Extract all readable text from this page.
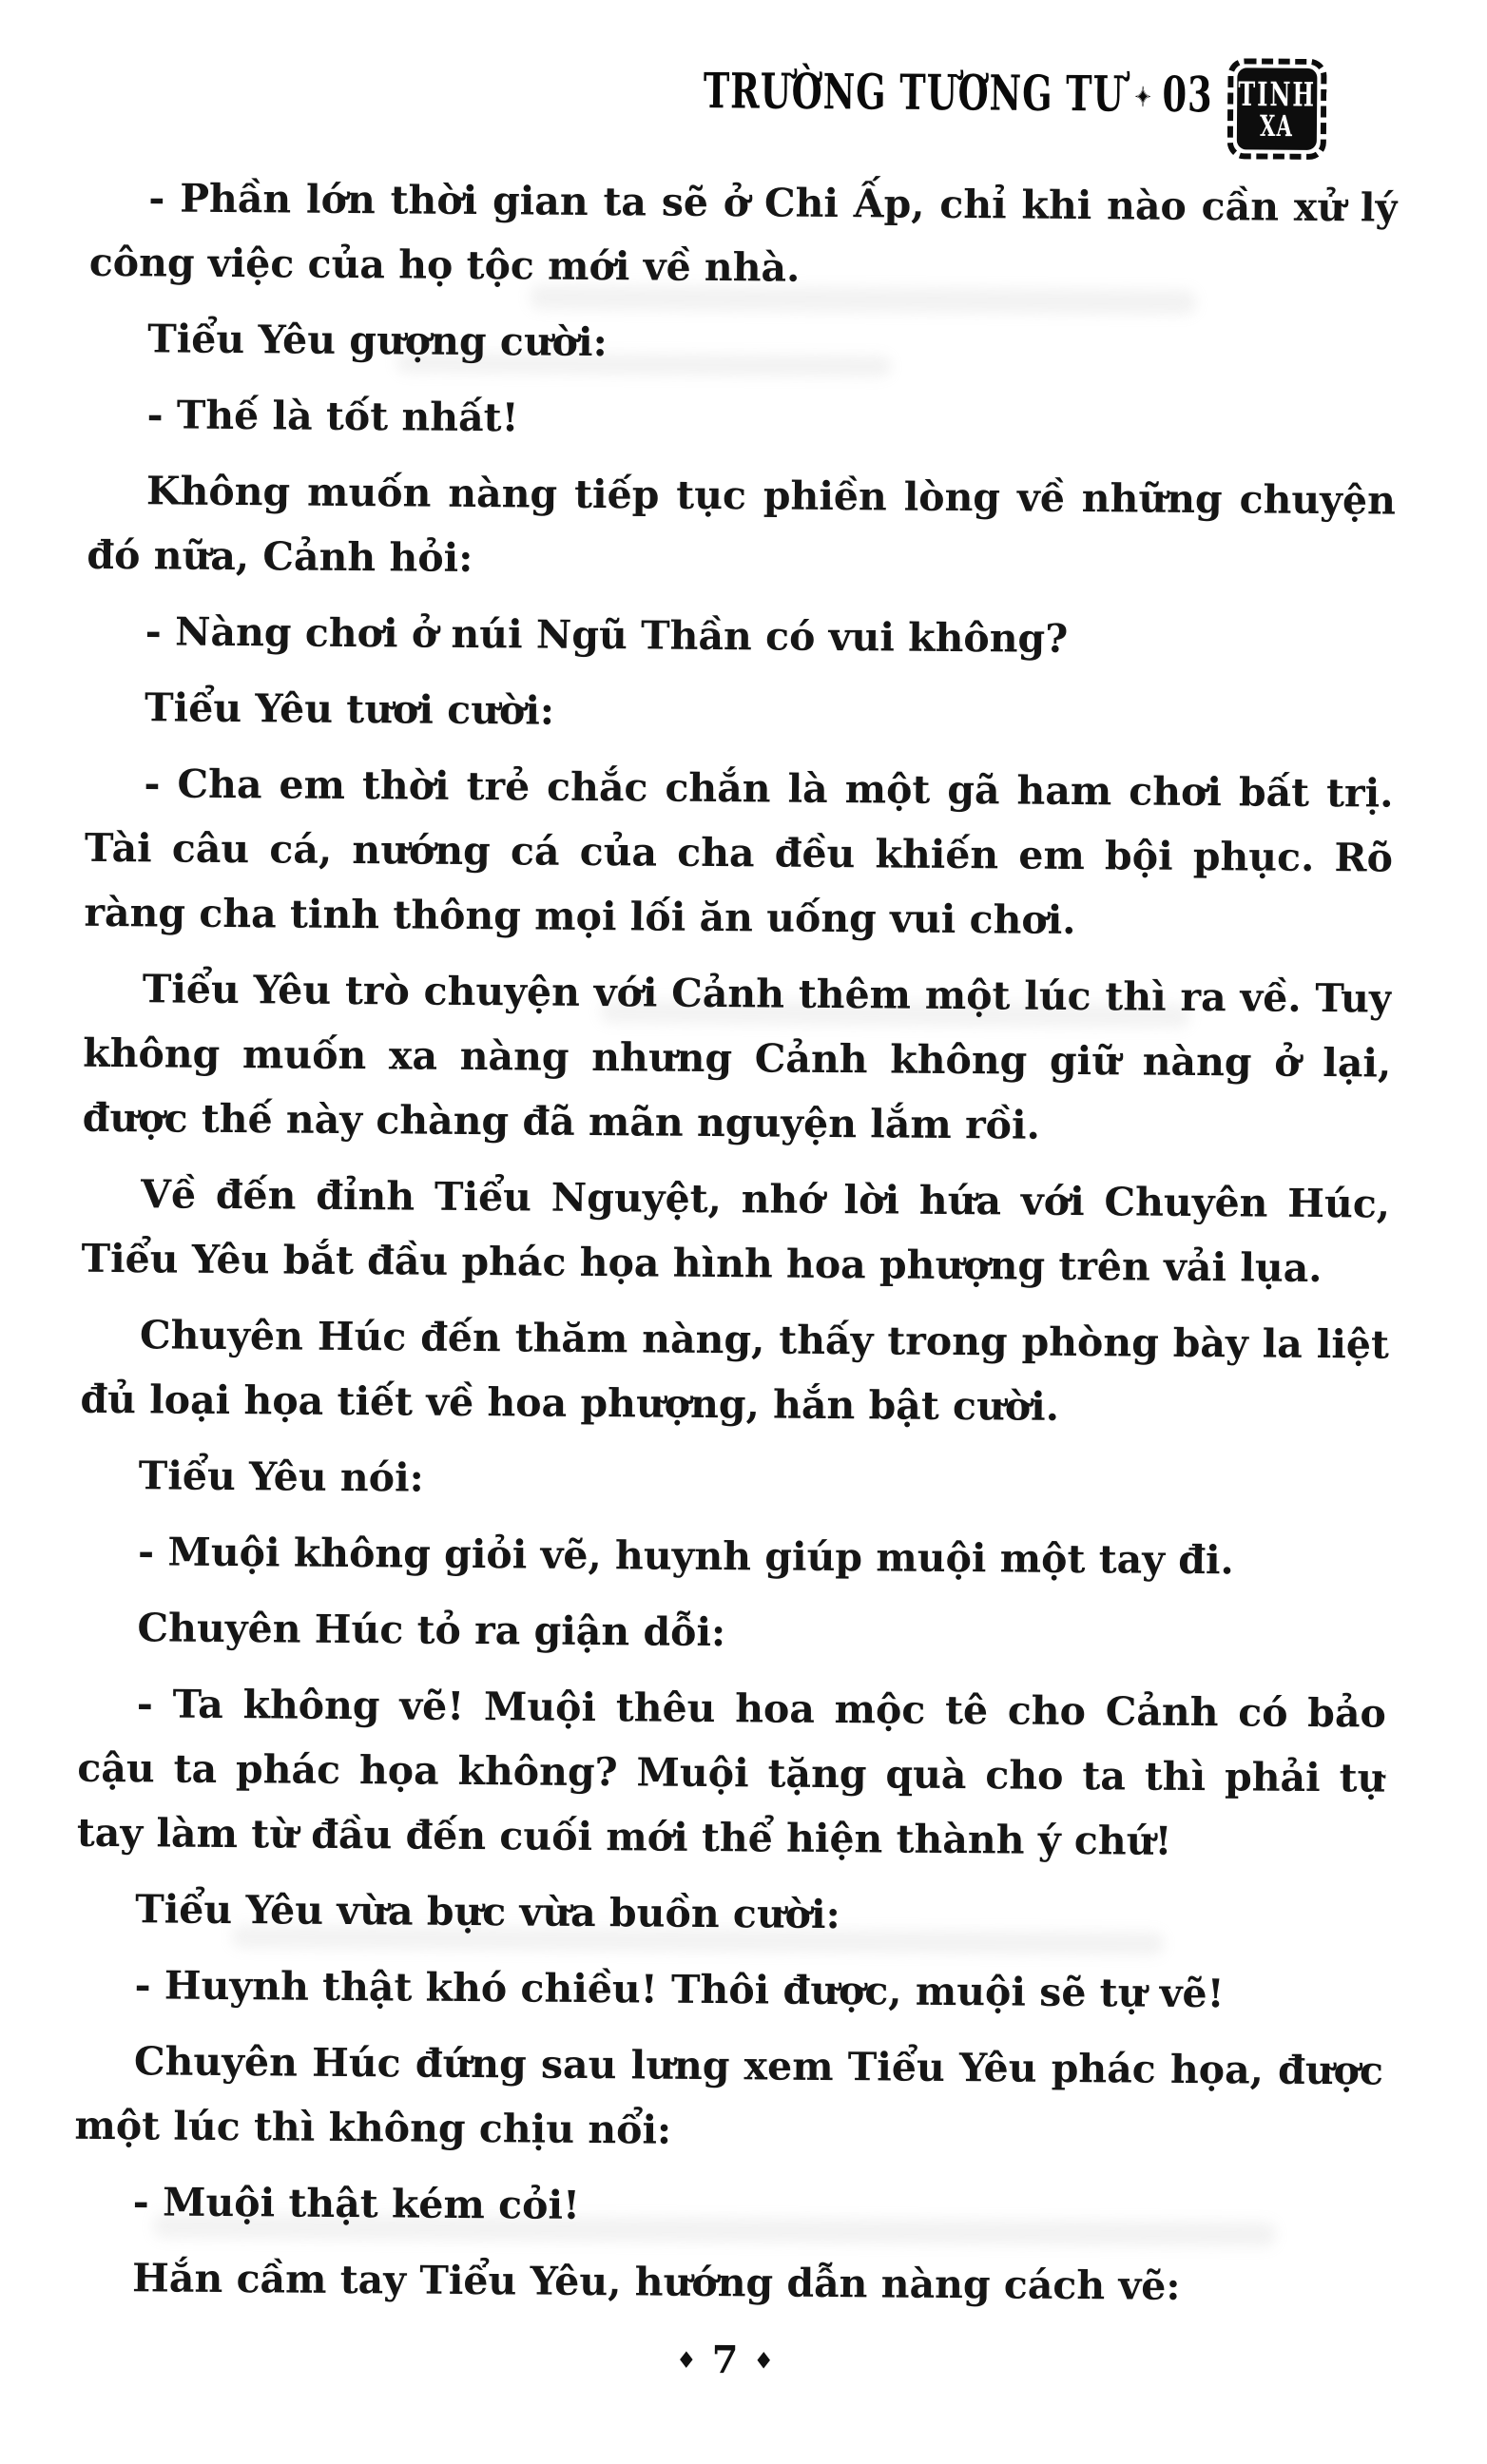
TRƯỜNG TƯƠNG TƯ ✦ 03 TINH
XA

- Phần lớn thời gian ta sẽ ở Chi Ấp, chỉ khi nào cần xử lý công việc của họ tộc mới về nhà.

Tiểu Yêu gượng cười:

- Thế là tốt nhất!

Không muốn nàng tiếp tục phiền lòng về những chuyện đó nữa, Cảnh hỏi:

- Nàng chơi ở núi Ngũ Thần có vui không?

Tiểu Yêu tươi cười:

- Cha em thời trẻ chắc chắn là một gã ham chơi bất trị. Tài câu cá, nướng cá của cha đều khiến em bội phục. Rõ ràng cha tinh thông mọi lối ăn uống vui chơi.

Tiểu Yêu trò chuyện với Cảnh thêm một lúc thì ra về. Tuy không muốn xa nàng nhưng Cảnh không giữ nàng ở lại, được thế này chàng đã mãn nguyện lắm rồi.

Về đến đỉnh Tiểu Nguyệt, nhớ lời hứa với Chuyên Húc, Tiểu Yêu bắt đầu phác họa hình hoa phượng trên vải lụa.

Chuyên Húc đến thăm nàng, thấy trong phòng bày la liệt đủ loại họa tiết về hoa phượng, hắn bật cười.

Tiểu Yêu nói:

- Muội không giỏi vẽ, huynh giúp muội một tay đi.

Chuyên Húc tỏ ra giận dỗi:

- Ta không vẽ! Muội thêu hoa mộc tê cho Cảnh có bảo cậu ta phác họa không? Muội tặng quà cho ta thì phải tự tay làm từ đầu đến cuối mới thể hiện thành ý chứ!

Tiểu Yêu vừa bực vừa buồn cười:

- Huynh thật khó chiều! Thôi được, muội sẽ tự vẽ!

Chuyên Húc đứng sau lưng xem Tiểu Yêu phác họa, được một lúc thì không chịu nổi:

- Muội thật kém cỏi!

Hắn cầm tay Tiểu Yêu, hướng dẫn nàng cách vẽ:

♦ 7 ♦
